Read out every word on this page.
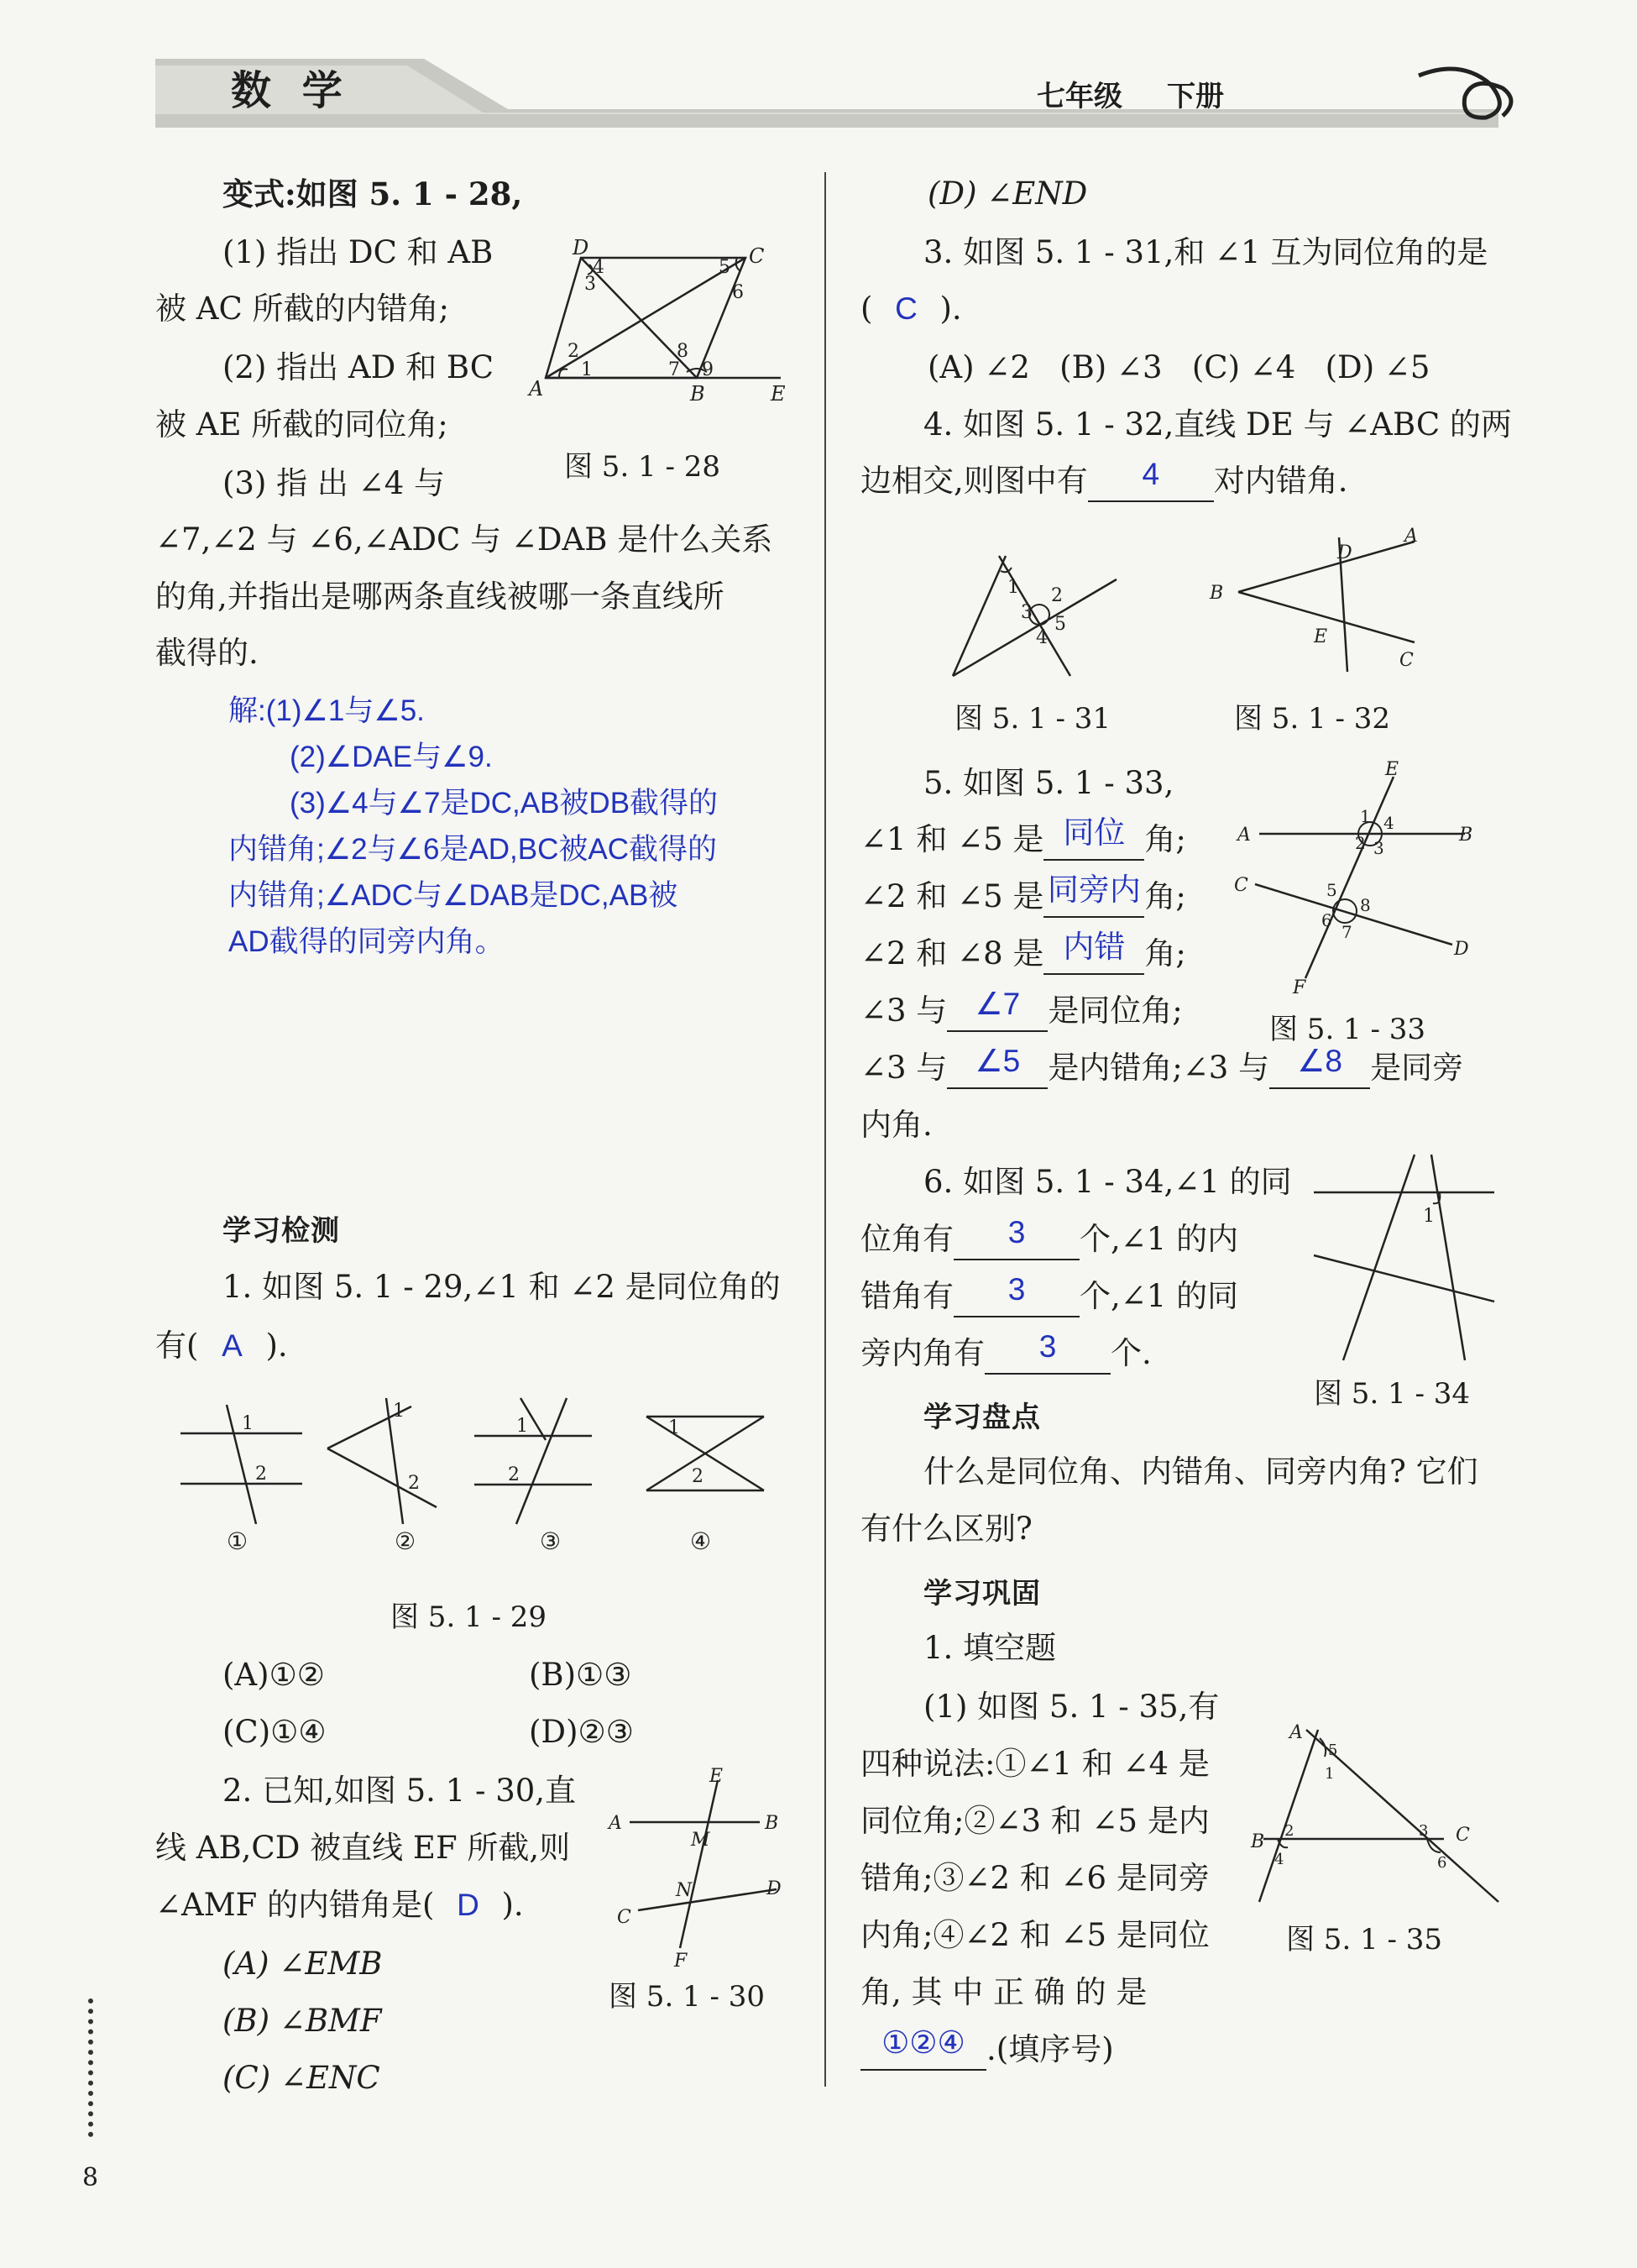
数 学	七年级 下册
变式:如图 5. 1 - 28,
(1) 指出 DC 和 AB
被 AC 所截的内错角;
(2) 指出 AD 和 BC
被 AE 所截的同位角;
(3) 指 出 ∠4 与
∠7,∠2 与 ∠6,∠ADC 与 ∠DAB 是什么关系
的角,并指出是哪两条直线被哪一条直线所
截得的.
D	C
A	B	E
4
3
5
6
2
1
8
7 9
图 5. 1 - 28
解:(1)∠1与∠5.
(2)∠DAE与∠9.
(3)∠4与∠7是DC,AB被DB截得的
内错角;∠2与∠6是AD,BC被AC截得的
内错角;∠ADC与∠DAB是DC,AB被
AD截得的同旁内角。
学习检测
1. 如图 5. 1 - 29,∠1 和 ∠2 是同位角的
有( A ).
1
2
1
2
1
2
1
2
①	②	③	④
图 5. 1 - 29
(A)①②	(B)①③
(C)①④	(D)②③
2. 已知,如图 5. 1 - 30,直
线 AB,CD 被直线 EF 所截,则
∠AMF 的内错角是( D ).
(A) ∠EMB
(B) ∠BMF
(C) ∠ENC
A	B
C
D
E
F
M
N
图 5. 1 - 30
8
(D) ∠END
3. 如图 5. 1 - 31,和 ∠1 互为同位角的是
( C ).
(A) ∠2   (B) ∠3   (C) ∠4   (D) ∠5
4. 如图 5. 1 - 32,直线 DE 与 ∠ABC 的两
边相交,则图中有 4 对内错角.
1 2
3
5
4
图 5. 1 - 31
A
B
C
D
E
图 5. 1 - 32
5. 如图 5. 1 - 33,
∠1 和 ∠5 是 同位 角;
∠2 和 ∠5 是 同旁内 角;
∠2 和 ∠8 是 内错 角;
∠3 与 ∠7 是同位角;
∠3 与 ∠5 是内错角;∠3 与 ∠8 是同旁
内角.
E
A	B
C
D
F
1 4
2 3
5
8
6
7
图 5. 1 - 33
6. 如图 5. 1 - 34,∠1 的同
位角有 3 个,∠1 的内
错角有 3 个,∠1 的同
旁内角有 3 个.
1
图 5. 1 - 34
学习盘点
什么是同位角、内错角、同旁内角? 它们
有什么区别?
学习巩固
1. 填空题
(1) 如图 5. 1 - 35,有
四种说法:①∠1 和 ∠4 是
同位角;②∠3 和 ∠5 是内
错角;③∠2 和 ∠6 是同旁
内角;④∠2 和 ∠5 是同位
角, 其 中 正 确 的 是
①②④ .(填序号)
A
B	C
5
1
2	3
4	6
图 5. 1 - 35
